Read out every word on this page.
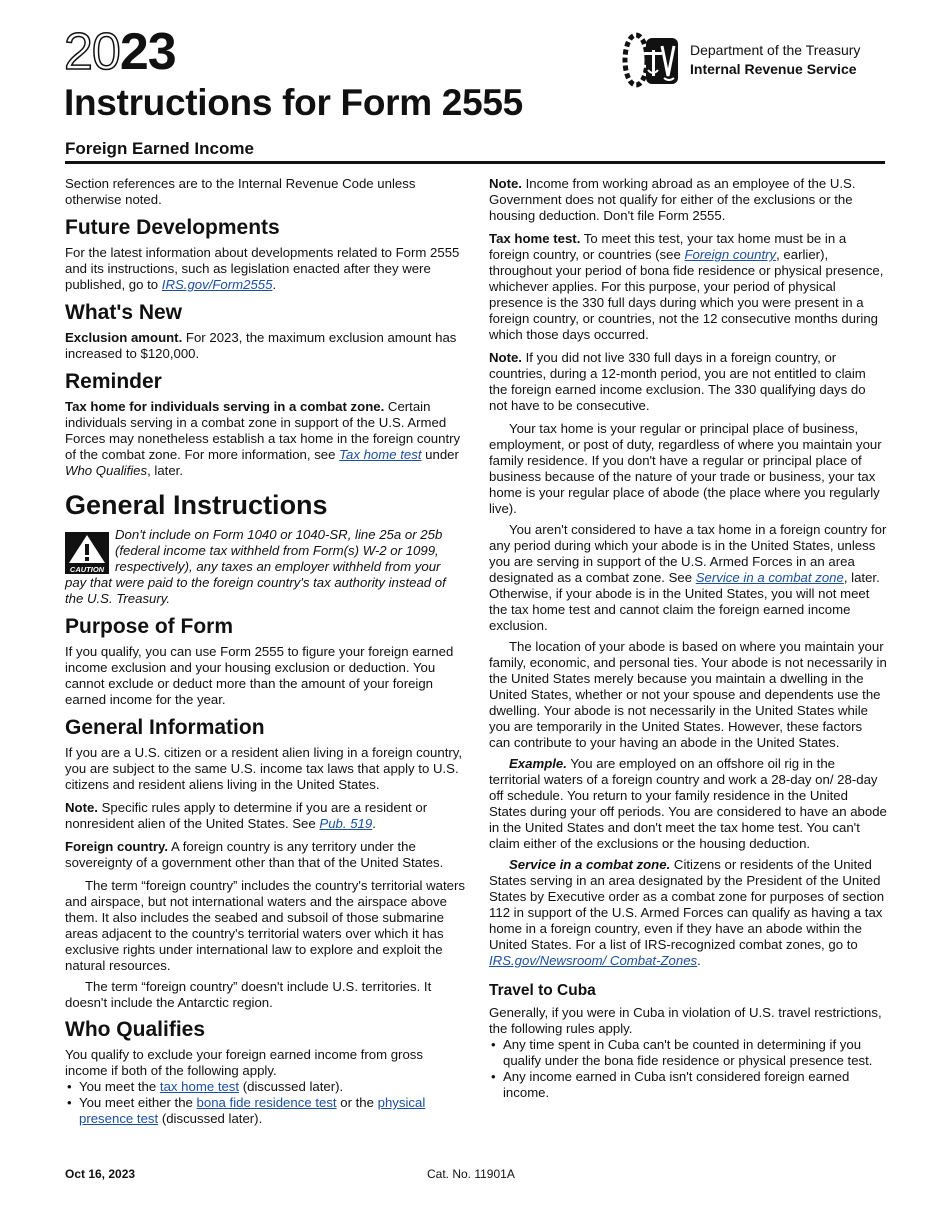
2023
Instructions for Form 2555
Foreign Earned Income
Department of the Treasury
Internal Revenue Service

Section references are to the Internal Revenue Code unless otherwise noted.

Future Developments

For the latest information about developments related to Form 2555 and its instructions, such as legislation enacted after they were published, go to IRS.gov/Form2555.

What's New

Exclusion amount. For 2023, the maximum exclusion amount has increased to $120,000.

Reminder

Tax home for individuals serving in a combat zone. Certain individuals serving in a combat zone in support of the U.S. Armed Forces may nonetheless establish a tax home in the foreign country of the combat zone. For more information, see Tax home test under Who Qualifies, later.

General Instructions

CAUTION
Don't include on Form 1040 or 1040-SR, line 25a or 25b (federal income tax withheld from Form(s) W-2 or 1099, respectively), any taxes an employer withheld from your pay that were paid to the foreign country's tax authority instead of the U.S. Treasury.

Purpose of Form

If you qualify, you can use Form 2555 to figure your foreign earned income exclusion and your housing exclusion or deduction. You cannot exclude or deduct more than the amount of your foreign earned income for the year.

General Information

If you are a U.S. citizen or a resident alien living in a foreign country, you are subject to the same U.S. income tax laws that apply to U.S. citizens and resident aliens living in the United States.

Note. Specific rules apply to determine if you are a resident or nonresident alien of the United States. See Pub. 519.

Foreign country. A foreign country is any territory under the sovereignty of a government other than that of the United States.

The term “foreign country” includes the country's territorial waters and airspace, but not international waters and the airspace above them. It also includes the seabed and subsoil of those submarine areas adjacent to the country's territorial waters over which it has exclusive rights under international law to explore and exploit the natural resources.

The term “foreign country” doesn't include U.S. territories. It doesn't include the Antarctic region.

Who Qualifies

You qualify to exclude your foreign earned income from gross income if both of the following apply.

• You meet the tax home test (discussed later).

• You meet either the bona fide residence test or the physical presence test (discussed later).

Note. Income from working abroad as an employee of the U.S. Government does not qualify for either of the exclusions or the housing deduction. Don't file Form 2555.

Tax home test. To meet this test, your tax home must be in a foreign country, or countries (see Foreign country, earlier), throughout your period of bona fide residence or physical presence, whichever applies. For this purpose, your period of physical presence is the 330 full days during which you were present in a foreign country, or countries, not the 12 consecutive months during which those days occurred.

Note. If you did not live 330 full days in a foreign country, or countries, during a 12-month period, you are not entitled to claim the foreign earned income exclusion. The 330 qualifying days do not have to be consecutive.

Your tax home is your regular or principal place of business, employment, or post of duty, regardless of where you maintain your family residence. If you don't have a regular or principal place of business because of the nature of your trade or business, your tax home is your regular place of abode (the place where you regularly live).

You aren't considered to have a tax home in a foreign country for any period during which your abode is in the United States, unless you are serving in support of the U.S. Armed Forces in an area designated as a combat zone. See Service in a combat zone, later. Otherwise, if your abode is in the United States, you will not meet the tax home test and cannot claim the foreign earned income exclusion.

The location of your abode is based on where you maintain your family, economic, and personal ties. Your abode is not necessarily in the United States merely because you maintain a dwelling in the United States, whether or not your spouse and dependents use the dwelling. Your abode is not necessarily in the United States while you are temporarily in the United States. However, these factors can contribute to your having an abode in the United States.

Example. You are employed on an offshore oil rig in the territorial waters of a foreign country and work a 28-day on/ 28-day off schedule. You return to your family residence in the United States during your off periods. You are considered to have an abode in the United States and don't meet the tax home test. You can't claim either of the exclusions or the housing deduction.

Service in a combat zone. Citizens or residents of the United States serving in an area designated by the President of the United States by Executive order as a combat zone for purposes of section 112 in support of the U.S. Armed Forces can qualify as having a tax home in a foreign country, even if they have an abode within the United States. For a list of IRS-recognized combat zones, go to IRS.gov/Newsroom/ Combat-Zones.

Travel to Cuba

Generally, if you were in Cuba in violation of U.S. travel restrictions, the following rules apply.

• Any time spent in Cuba can't be counted in determining if you qualify under the bona fide residence or physical presence test.

• Any income earned in Cuba isn't considered foreign earned income.

Oct 16, 2023	Cat. No. 11901A
